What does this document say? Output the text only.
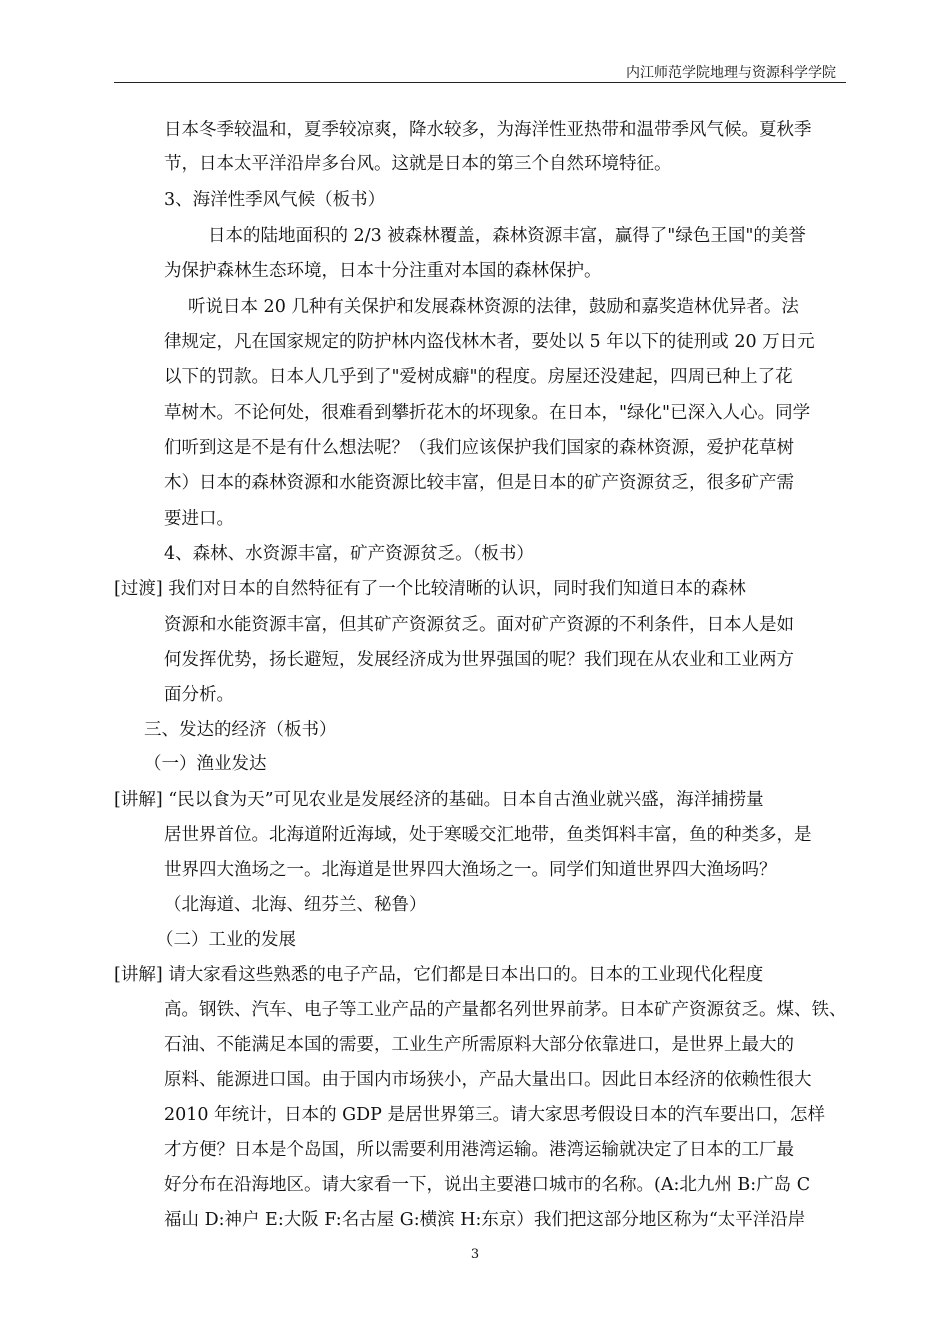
内江师范学院地理与资源科学学院
日本冬季较温和，夏季较凉爽，降水较多，为海洋性亚热带和温带季风气候。夏秋季
节，日本太平洋沿岸多台风。这就是日本的第三个自然环境特征。
3、海洋性季风气候（板书）
日本的陆地面积的 2/3 被森林覆盖，森林资源丰富，赢得了"绿色王国"的美誉
为保护森林生态环境，日本十分注重对本国的森林保护。
听说日本 20 几种有关保护和发展森林资源的法律，鼓励和嘉奖造林优异者。法
律规定，凡在国家规定的防护林内盗伐林木者，要处以 5 年以下的徒刑或 20 万日元
以下的罚款。日本人几乎到了"爱树成癖"的程度。房屋还没建起，四周已种上了花
草树木。不论何处，很难看到攀折花木的坏现象。在日本，"绿化"已深入人心。同学
们听到这是不是有什么想法呢？（我们应该保护我们国家的森林资源，爱护花草树
木）日本的森林资源和水能资源比较丰富，但是日本的矿产资源贫乏，很多矿产需
要进口。
4、森林、水资源丰富，矿产资源贫乏。（板书）
[过渡] 我们对日本的自然特征有了一个比较清晰的认识，同时我们知道日本的森林
资源和水能资源丰富，但其矿产资源贫乏。面对矿产资源的不利条件，日本人是如
何发挥优势，扬长避短，发展经济成为世界强国的呢？我们现在从农业和工业两方
面分析。
三、发达的经济（板书）
（一）渔业发达
[讲解] “民以食为天”可见农业是发展经济的基础。日本自古渔业就兴盛，海洋捕捞量
居世界首位。北海道附近海域，处于寒暖交汇地带，鱼类饵料丰富，鱼的种类多，是
世界四大渔场之一。北海道是世界四大渔场之一。同学们知道世界四大渔场吗？
（北海道、北海、纽芬兰、秘鲁）
（二）工业的发展
[讲解] 请大家看这些熟悉的电子产品，它们都是日本出口的。日本的工业现代化程度
高。钢铁、汽车、电子等工业产品的产量都名列世界前茅。日本矿产资源贫乏。煤、铁、
石油、不能满足本国的需要，工业生产所需原料大部分依靠进口，是世界上最大的
原料、能源进口国。由于国内市场狭小，产品大量出口。因此日本经济的依赖性很大
2010 年统计，日本的 GDP 是居世界第三。请大家思考假设日本的汽车要出口，怎样
才方便？日本是个岛国，所以需要利用港湾运输。港湾运输就决定了日本的工厂最
好分布在沿海地区。请大家看一下，说出主要港口城市的名称。(A:北九州 B:广岛 C
福山 D:神户 E:大阪 F:名古屋 G:横滨 H:东京）我们把这部分地区称为“太平洋沿岸
3
